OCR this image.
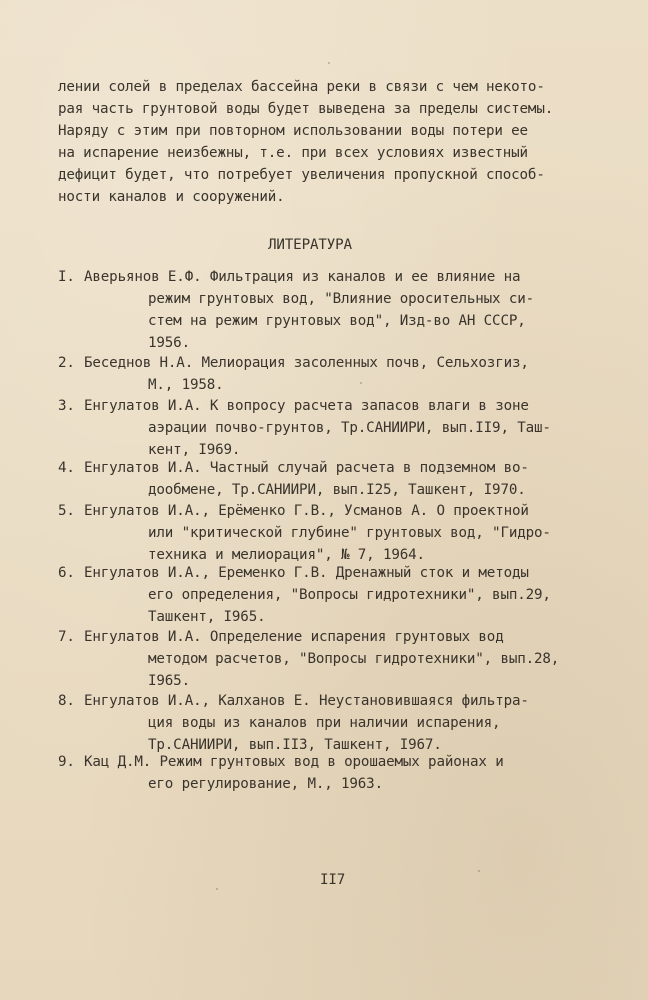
лении солей в пределах бассейна реки в связи с чем некото-
рая часть грунтовой воды будет выведена за пределы системы.
Наряду с этим при повторном использовании воды потери ее
на испарение неизбежны, т.е. при всех условиях известный
дефицит будет, что потребует увеличения пропускной способ-
ности каналов и сооружений.
ЛИТЕРАТУРА
I. Аверьянов Е.Ф. Фильтрация из каналов и ее влияние на
режим грунтовых вод, "Влияние оросительных си-
стем на режим грунтовых вод", Изд-во АН СССР,
1956.
2. Беседнов Н.А. Мелиорация засоленных почв, Сельхозгиз,
М., 1958.
3. Енгулатов И.А. К вопросу расчета запасов влаги в зоне
аэрации почво-грунтов, Тр.САНИИРИ, вып.II9, Таш-
кент, I969.
4. Енгулатов И.А. Частный случай расчета в подземном во-
дообмене, Тр.САНИИРИ, вып.I25, Ташкент, I970.
5. Енгулатов И.А., Ерëменко Г.В., Усманов А. О проектной
или "критической глубине" грунтовых вод, "Гидро-
техника и мелиорация", № 7, 1964.
6. Енгулатов И.А., Еременко Г.В. Дренажный сток и методы
его определения, "Вопросы гидротехники", вып.29,
Ташкент, I965.
7. Енгулатов И.А. Определение испарения грунтовых вод
методом расчетов, "Вопросы гидротехники", вып.28,
I965.
8. Енгулатов И.А., Калханов Е. Неустановившаяся фильтра-
ция воды из каналов при наличии испарения,
Тр.САНИИРИ, вып.II3, Ташкент, I967.
9. Кац Д.М. Режим грунтовых вод в орошаемых районах и
его регулирование, М., 1963.
II7
